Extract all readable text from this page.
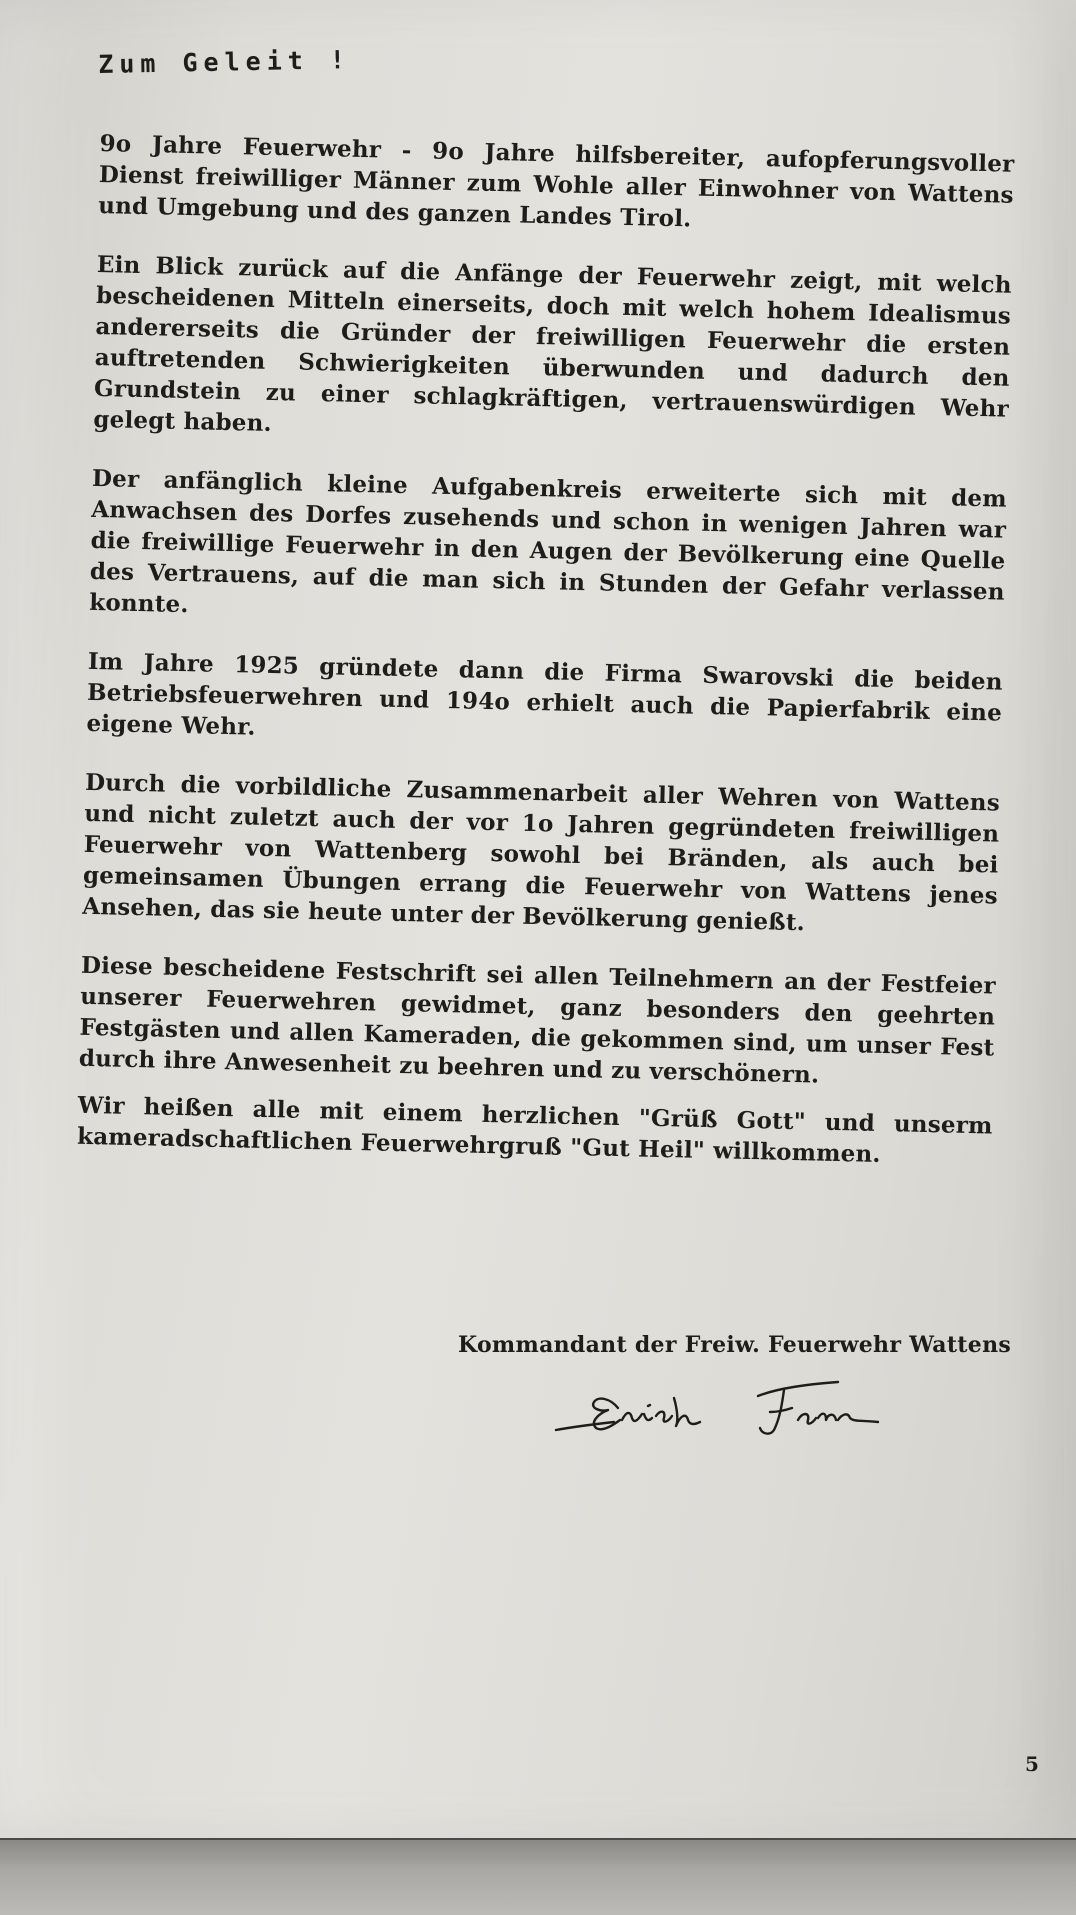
Zum Geleit !

9o Jahre Feuerwehr - 9o Jahre hilfsbereiter, aufopferungsvoller Dienst freiwilliger Männer zum Wohle aller Einwohner von Wattens und Umgebung und des ganzen Landes Tirol.

Ein Blick zurück auf die Anfänge der Feuerwehr zeigt, mit welch bescheidenen Mitteln einerseits, doch mit welch hohem Idealismus andererseits die Gründer der freiwilligen Feuerwehr die ersten auftretenden Schwierigkeiten überwunden und dadurch den Grundstein zu einer schlagkräftigen, vertrauenswürdigen Wehr gelegt haben.

Der anfänglich kleine Aufgabenkreis erweiterte sich mit dem Anwachsen des Dorfes zusehends und schon in wenigen Jahren war die freiwillige Feuerwehr in den Augen der Bevölkerung eine Quelle des Vertrauens, auf die man sich in Stunden der Gefahr verlassen konnte.

Im Jahre 1925 gründete dann die Firma Swarovski die beiden Betriebsfeuerwehren und 194o erhielt auch die Papierfabrik eine eigene Wehr.

Durch die vorbildliche Zusammenarbeit aller Wehren von Wattens und nicht zuletzt auch der vor 1o Jahren gegründeten freiwilligen Feuerwehr von Wattenberg sowohl bei Bränden, als auch bei gemeinsamen Übungen errang die Feuerwehr von Wattens jenes Ansehen, das sie heute unter der Bevölkerung genießt.

Diese bescheidene Festschrift sei allen Teilnehmern an der Festfeier unserer Feuerwehren gewidmet, ganz besonders den geehrten Festgästen und allen Kameraden, die gekommen sind, um unser Fest durch ihre Anwesenheit zu beehren und zu verschönern.

Wir heißen alle mit einem herzlichen "Grüß Gott" und unserm kameradschaftlichen Feuerwehrgruß "Gut Heil" willkommen.

Kommandant der Freiw. Feuerwehr Wattens
5
